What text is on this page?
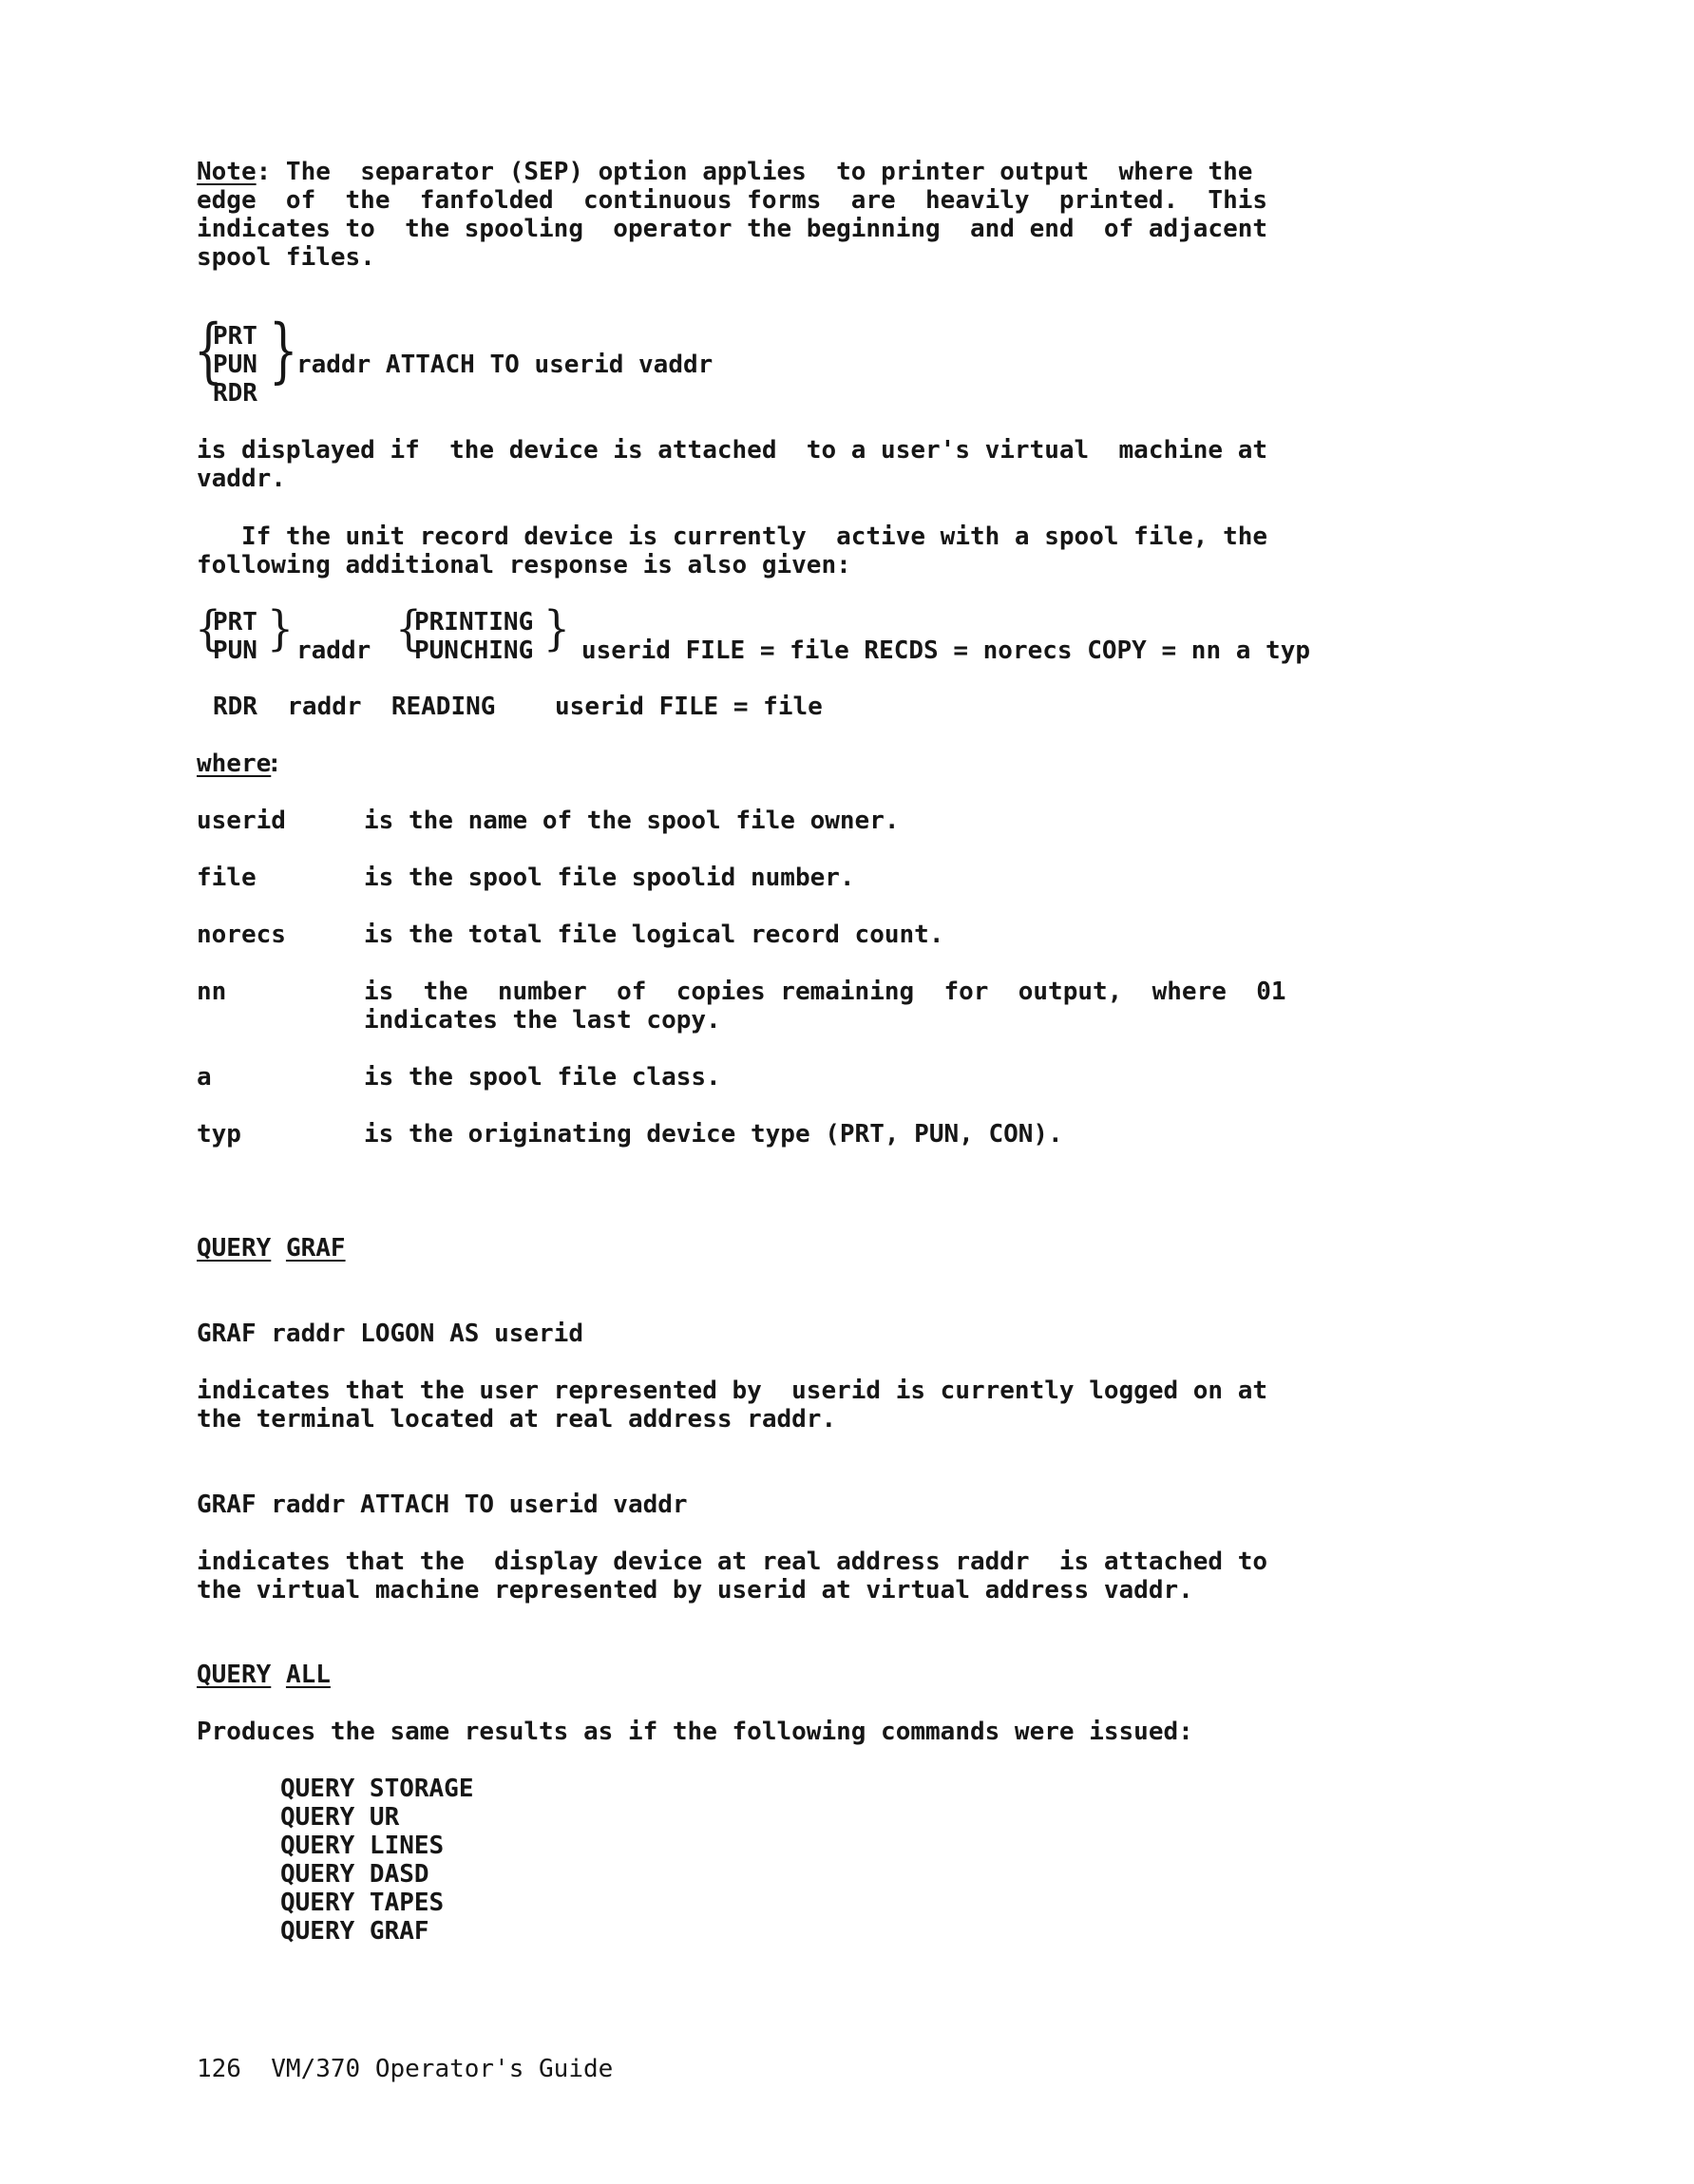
Note: The  separator (SEP) option applies  to printer output  where the

edge  of  the  fanfolded  continuous forms  are  heavily  printed.  This

indicates to  the spooling  operator the beginning  and end  of adjacent

spool files.

{

PRT

PUN

RDR

}

raddr ATTACH TO userid vaddr

is displayed if  the device is attached  to a user's virtual  machine at

vaddr.

If the unit record device is currently  active with a spool file, the

following additional response is also given:

{

PRT

PUN } raddr {

PRINTING

PUNCHING } userid FILE = file RECDS = norecs COPY = nn a typ

RDR  raddr  READING    userid FILE = file

where

:

userid	is the name of the spool file owner.

file	is the spool file spoolid number.

norecs	is the total file logical record count.

nn	is  the  number  of  copies remaining  for  output,  where  01

indicates the last copy.

a	is the spool file class.

typ	is the originating device type (PRT, PUN, CON).

QUERY GRAF

GRAF raddr LOGON AS userid

indicates that the user represented by  userid is currently logged on at

the terminal located at real address raddr.

GRAF raddr ATTACH TO userid vaddr

indicates that the  display device at real address raddr  is attached to

the virtual machine represented by userid at virtual address vaddr.

QUERY ALL

Produces the same results as if the following commands were issued:

QUERY STORAGE

QUERY UR

QUERY LINES

QUERY DASD

QUERY TAPES

QUERY GRAF

126  VM/370 Operator's Guide
